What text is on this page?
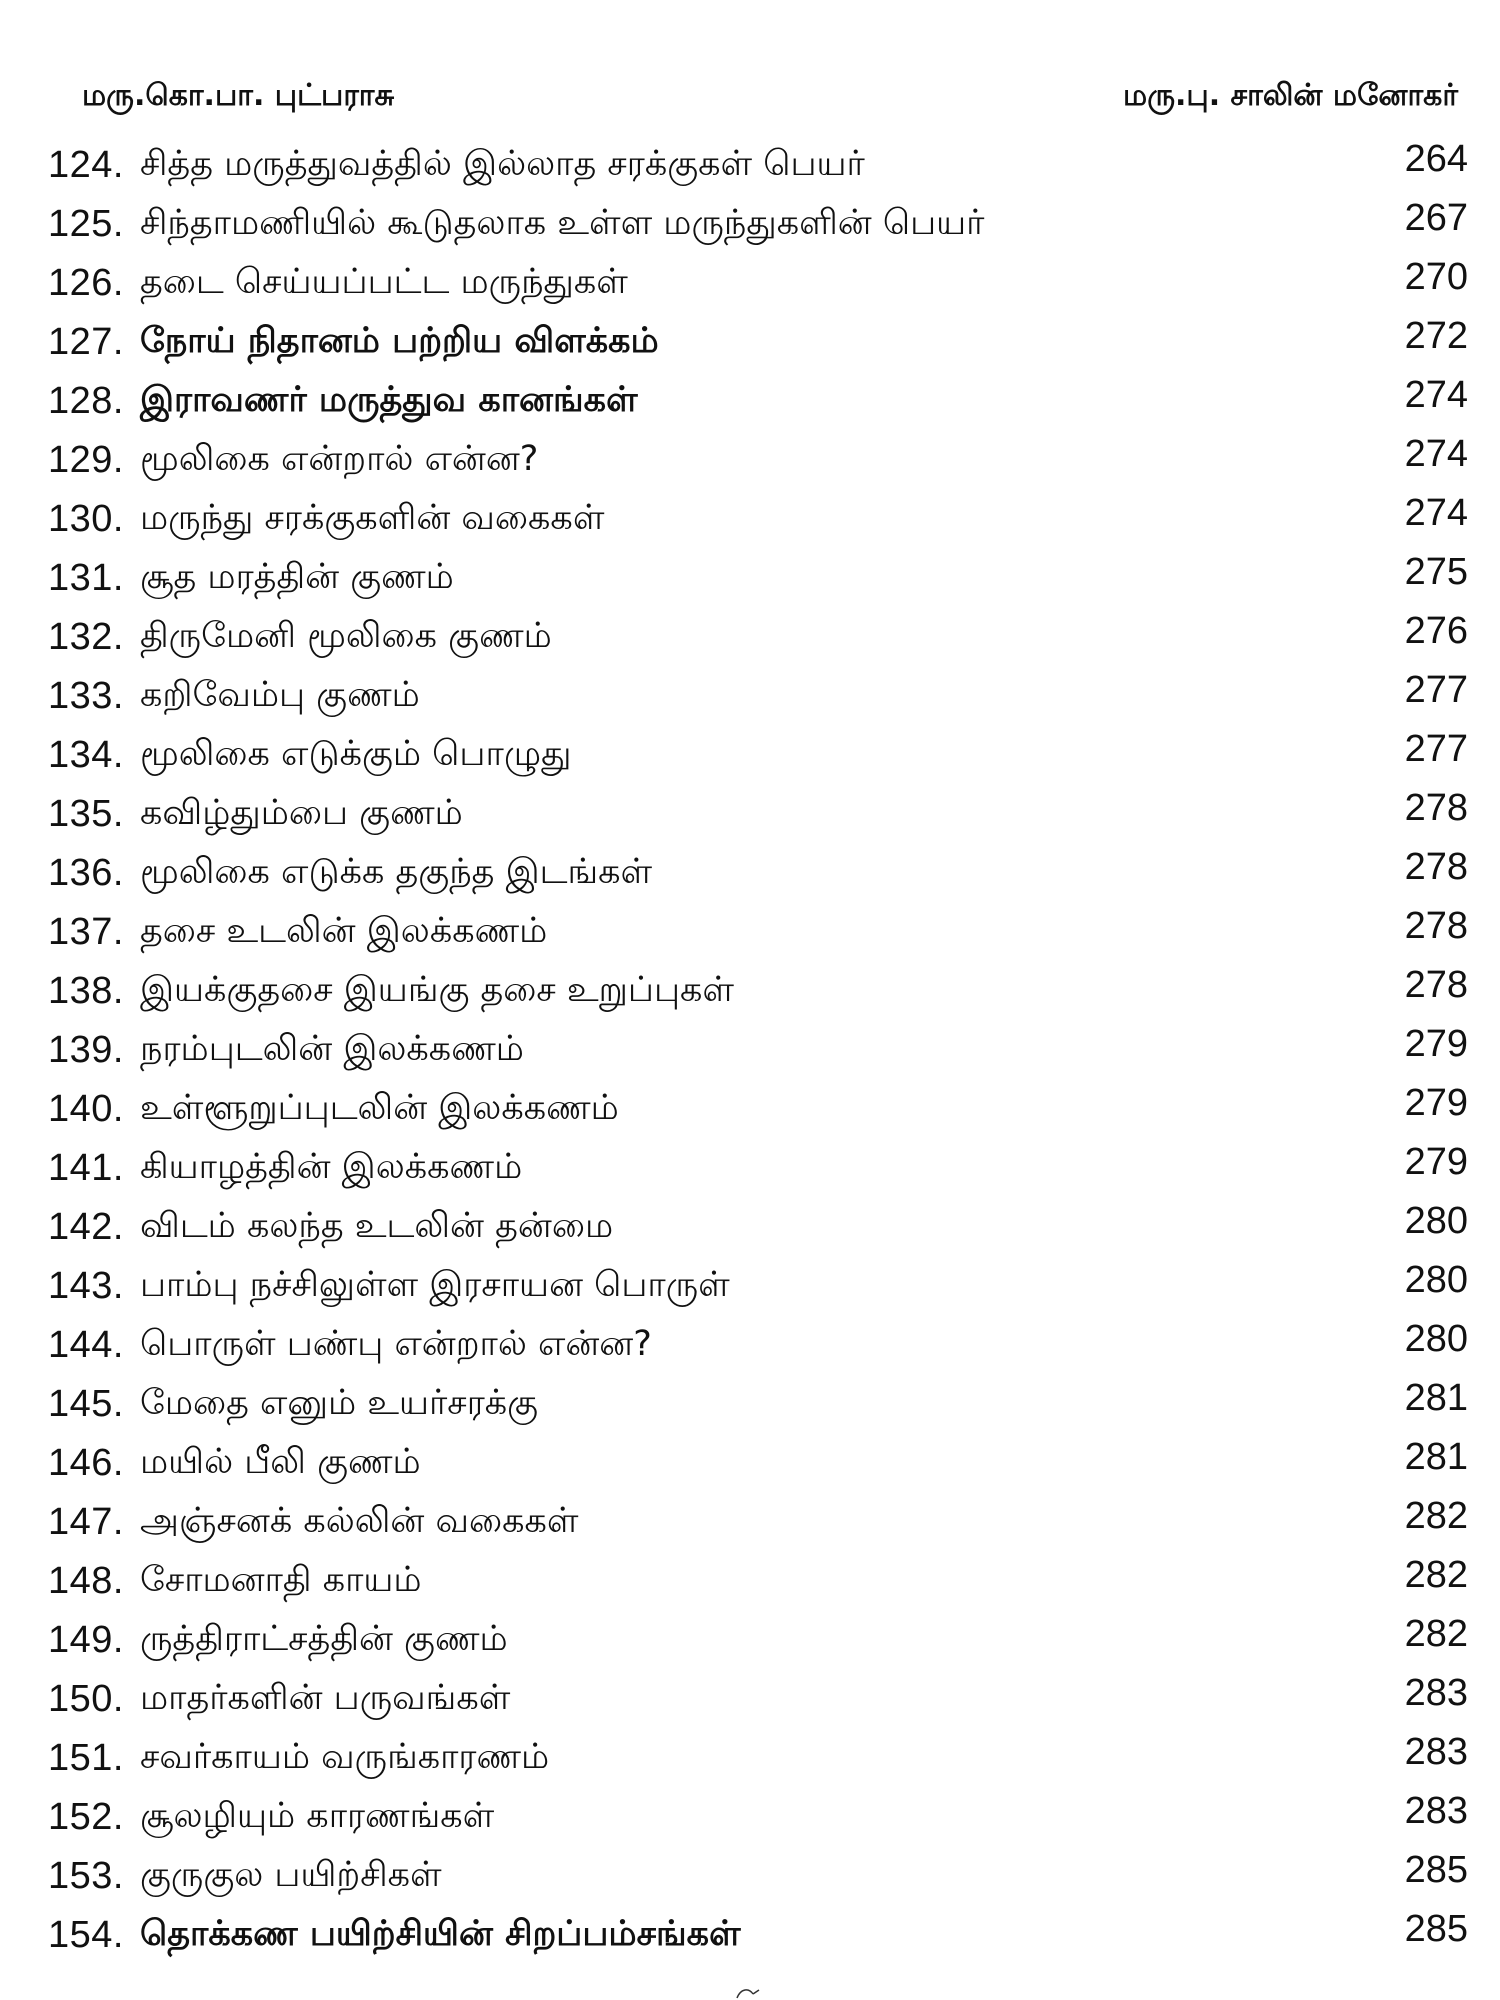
மரு.கொ.பா. புட்பராசு	மரு.பு. சாலின் மனோகர்
124. சித்த மருத்துவத்தில் இல்லாத சரக்குகள் பெயர்	264
125. சிந்தாமணியில் கூடுதலாக உள்ள மருந்துகளின் பெயர்	267
126. தடை செய்யப்பட்ட மருந்துகள்	270
127. நோய் நிதானம் பற்றிய விளக்கம்	272
128. இராவணர் மருத்துவ கானங்கள்	274
129. மூலிகை என்றால் என்ன?	274
130. மருந்து சரக்குகளின் வகைகள்	274
131. சூத மரத்தின் குணம்	275
132. திருமேனி மூலிகை குணம்	276
133. கறிவேம்பு குணம்	277
134. மூலிகை எடுக்கும் பொழுது	277
135. கவிழ்தும்பை குணம்	278
136. மூலிகை எடுக்க தகுந்த இடங்கள்	278
137. தசை உடலின் இலக்கணம்	278
138. இயக்குதசை இயங்கு தசை உறுப்புகள்	278
139. நரம்புடலின் இலக்கணம்	279
140. உள்ளூறுப்புடலின் இலக்கணம்	279
141. கியாழத்தின் இலக்கணம்	279
142. விடம் கலந்த உடலின் தன்மை	280
143. பாம்பு நச்சிலுள்ள இரசாயன பொருள்	280
144. பொருள் பண்பு என்றால் என்ன?	280
145. மேதை எனும் உயர்சரக்கு	281
146. மயில் பீலி குணம்	281
147. அஞ்சனக் கல்லின் வகைகள்	282
148. சோமனாதி காயம்	282
149. ருத்திராட்சத்தின் குணம்	282
150. மாதர்களின் பருவங்கள்	283
151. சவர்காயம் வருங்காரணம்	283
152. சூலழியும் காரணங்கள்	283
153. குருகுல பயிற்சிகள்	285
154. தொக்கண பயிற்சியின் சிறப்பம்சங்கள்	285
